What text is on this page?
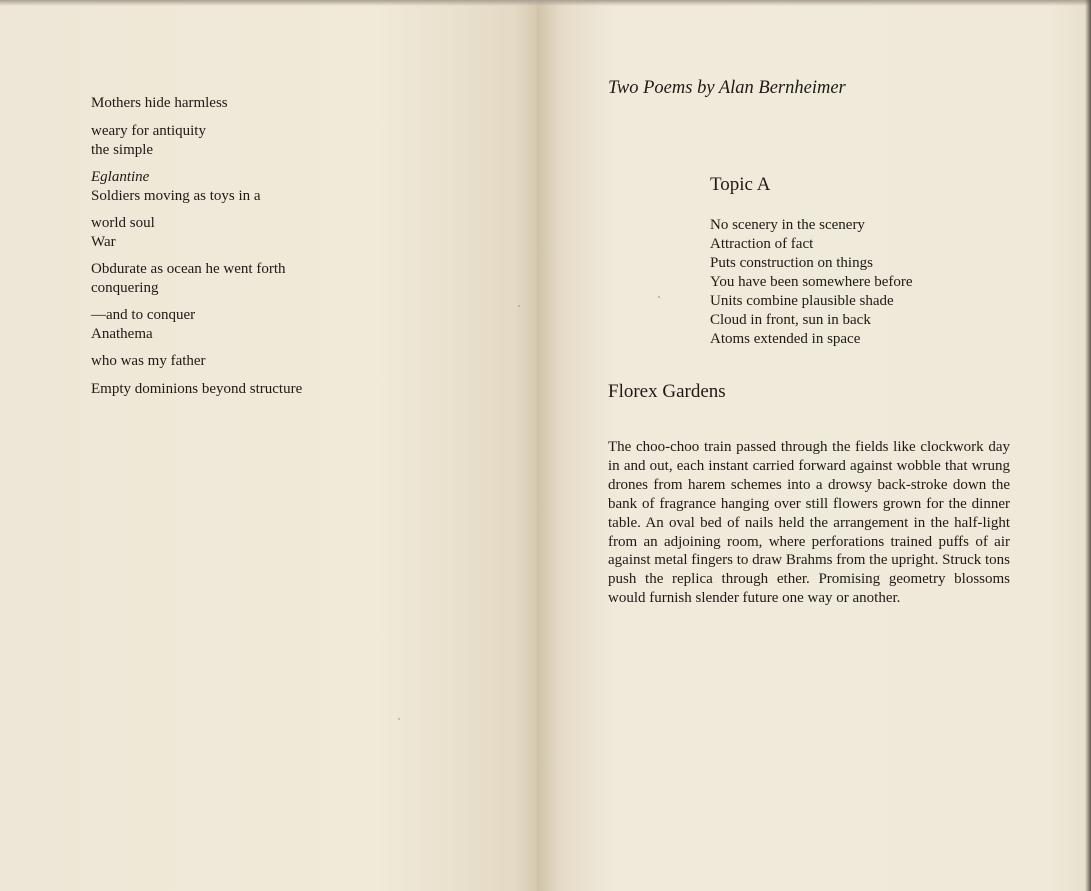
Mothers hide harmless
weary for antiquity
the simple
Eglantine
Soldiers moving as toys in a
world soul
War
Obdurate as ocean he went forth
conquering
—and to conquer
Anathema
who was my father
Empty dominions beyond structure
Two Poems by Alan Bernheimer
Topic A
No scenery in the scenery
Attraction of fact
Puts construction on things
You have been somewhere before
Units combine plausible shade
Cloud in front, sun in back
Atoms extended in space
Florex Gardens

The choo-choo train passed through the fields like clockwork day in and out, each instant carried forward against wobble that wrung drones from harem schemes into a drowsy back-stroke down the bank of fragrance hanging over still flowers grown for the dinner table. An oval bed of nails held the arrangement in the half-light from an adjoining room, where perforations trained puffs of air against metal fingers to draw Brahms from the upright. Struck tons push the replica through ether. Promising geometry blossoms would furnish slender future one way or another.
